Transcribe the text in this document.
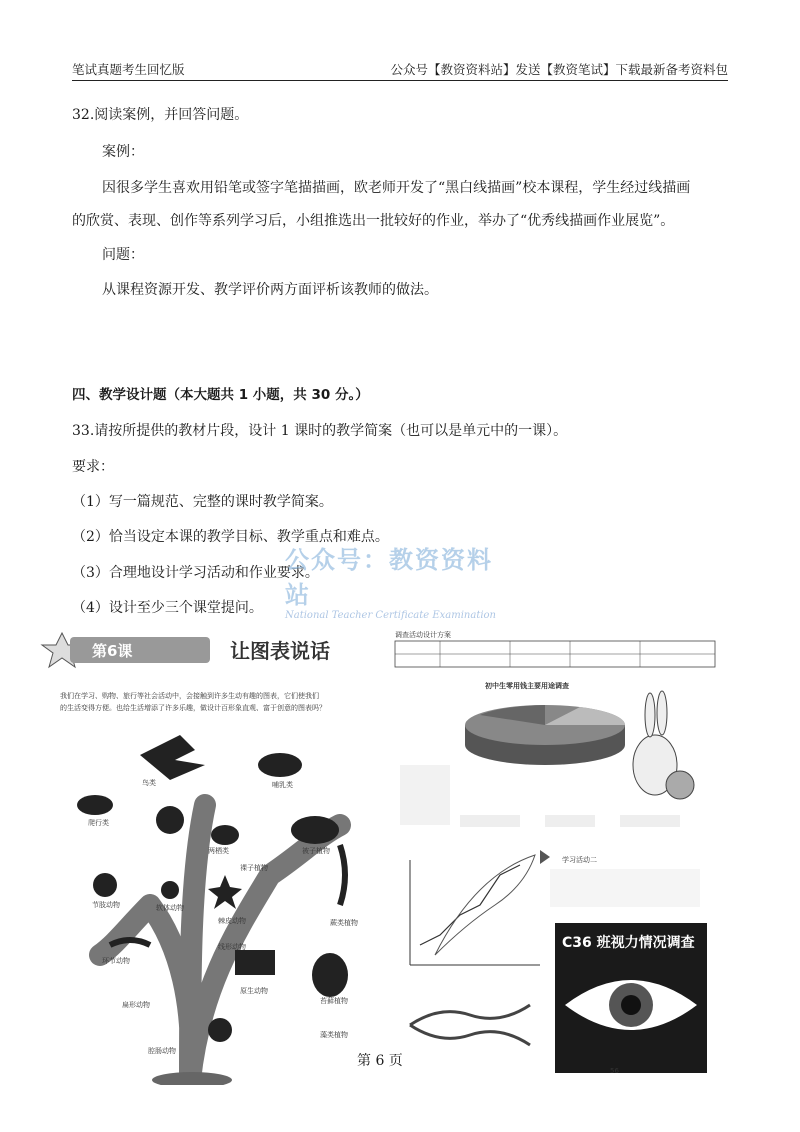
笔试真题考生回忆版	公众号【教资资料站】发送【教资笔试】下载最新备考资料包
32.阅读案例，并回答问题。
案例：
因很多学生喜欢用铅笔或签字笔描描画，欧老师开发了“黑白线描画”校本课程，学生经过线描画
的欣赏、表现、创作等系列学习后，小组推选出一批较好的作业，举办了“优秀线描画作业展览”。
问题：
从课程资源开发、教学评价两方面评析该教师的做法。
四、教学设计题（本大题共 1 小题，共 30 分。）
33.请按所提供的教材片段，设计 1 课时的教学简案（也可以是单元中的一课）。
要求：
（1）写一篇规范、完整的课时教学简案。
（2）恰当设定本课的教学目标、教学重点和难点。
（3）合理地设计学习活动和作业要求。
（4）设计至少三个课堂提问。
公众号：教资资料站
National Teacher Certificate Examination
第6课	让图表说话
我们在学习、购物、旅行等社会活动中，会接触到许多生动有趣的图表，它们使我们
的生活变得方便。也给生活增添了许多乐趣，做设计百形象直观、富于创意的图表吗？
鸟类	哺乳类
爬行类
两栖类	被子植物
节肢动物
棘皮动物
裸子植物
软体动物
环节动物
线形动物
蕨类植物
苔藓植物
扁形动物
腔肠动物
藻类植物
原生动物
调查活动设计方案
初中生零用钱主要用途调查
学习活动二
C36 班视力情况调查
56
第 6 页
